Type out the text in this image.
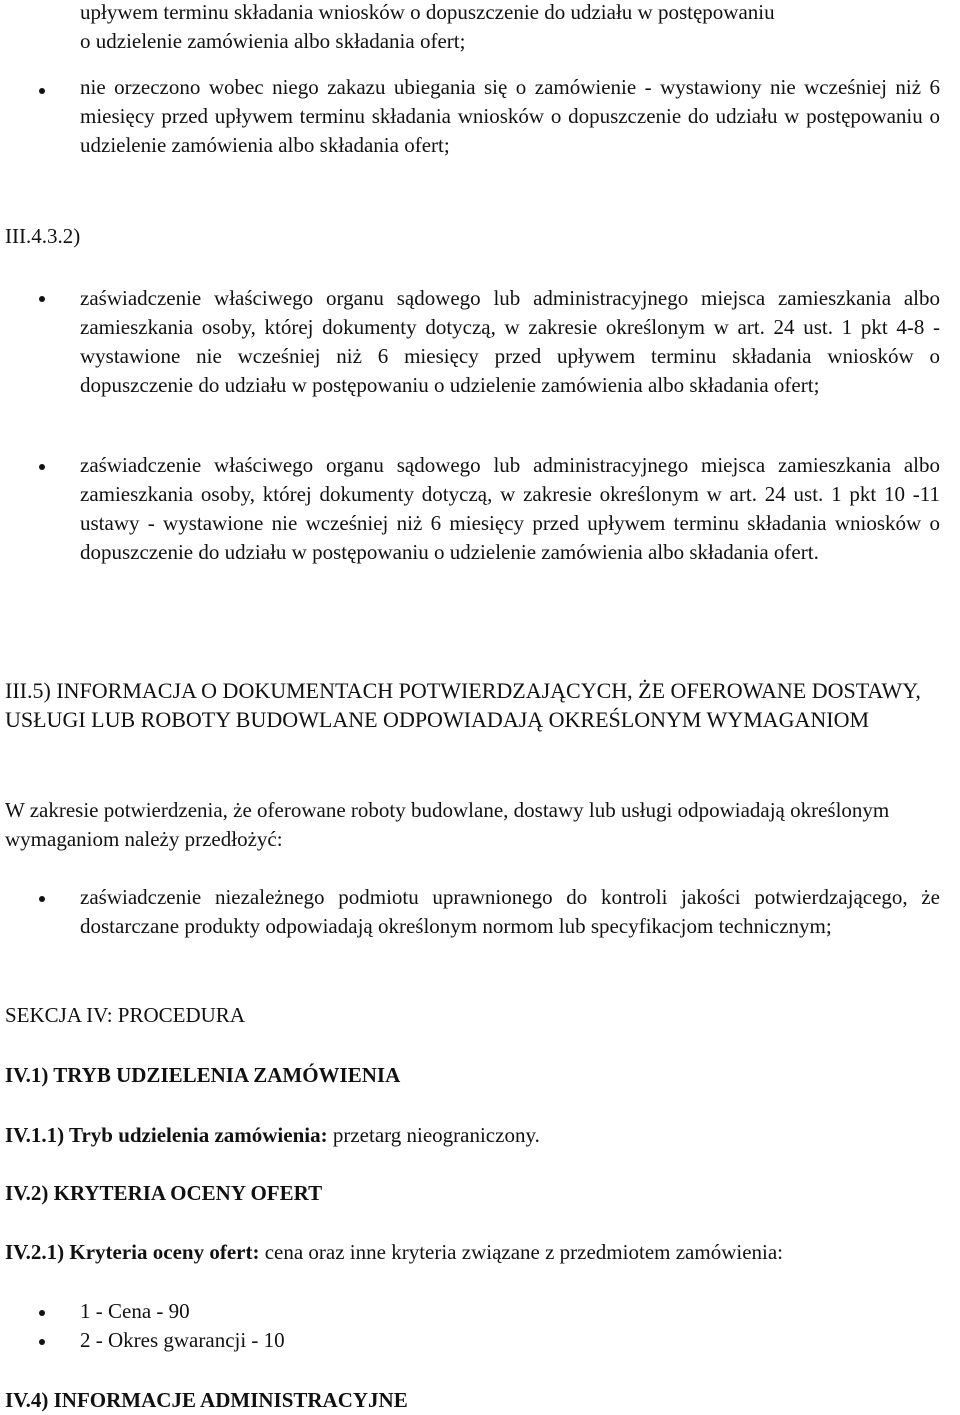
upływem terminu składania wniosków o dopuszczenie do udziału w postępowaniu
o udzielenie zamówienia albo składania ofert;
nie orzeczono wobec niego zakazu ubiegania się o zamówienie - wystawiony nie wcześniej niż 6 miesięcy przed upływem terminu składania wniosków o dopuszczenie do udziału w postępowaniu o udzielenie zamówienia albo składania ofert;
III.4.3.2)
zaświadczenie właściwego organu sądowego lub administracyjnego miejsca zamieszkania albo zamieszkania osoby, której dokumenty dotyczą, w zakresie określonym w art. 24 ust. 1 pkt 4-8 - wystawione nie wcześniej niż 6 miesięcy przed upływem terminu składania wniosków o dopuszczenie do udziału w postępowaniu o udzielenie zamówienia albo składania ofert;
zaświadczenie właściwego organu sądowego lub administracyjnego miejsca zamieszkania albo zamieszkania osoby, której dokumenty dotyczą, w zakresie określonym w art. 24 ust. 1 pkt 10 -11 ustawy - wystawione nie wcześniej niż 6 miesięcy przed upływem terminu składania wniosków o dopuszczenie do udziału w postępowaniu o udzielenie zamówienia albo składania ofert.
III.5) INFORMACJA O DOKUMENTACH POTWIERDZAJĄCYCH, ŻE OFEROWANE DOSTAWY, USŁUGI LUB ROBOTY BUDOWLANE ODPOWIADAJĄ OKREŚLONYM WYMAGANIOM
W zakresie potwierdzenia, że oferowane roboty budowlane, dostawy lub usługi odpowiadają określonym wymaganiom należy przedłożyć:
zaświadczenie niezależnego podmiotu uprawnionego do kontroli jakości potwierdzającego, że dostarczane produkty odpowiadają określonym normom lub specyfikacjom technicznym;
SEKCJA IV: PROCEDURA
IV.1) TRYB UDZIELENIA ZAMÓWIENIA
IV.1.1) Tryb udzielenia zamówienia: przetarg nieograniczony.
IV.2) KRYTERIA OCENY OFERT
IV.2.1) Kryteria oceny ofert: cena oraz inne kryteria związane z przedmiotem zamówienia:
1 - Cena - 90
2 - Okres gwarancji - 10
IV.4) INFORMACJE ADMINISTRACYJNE
